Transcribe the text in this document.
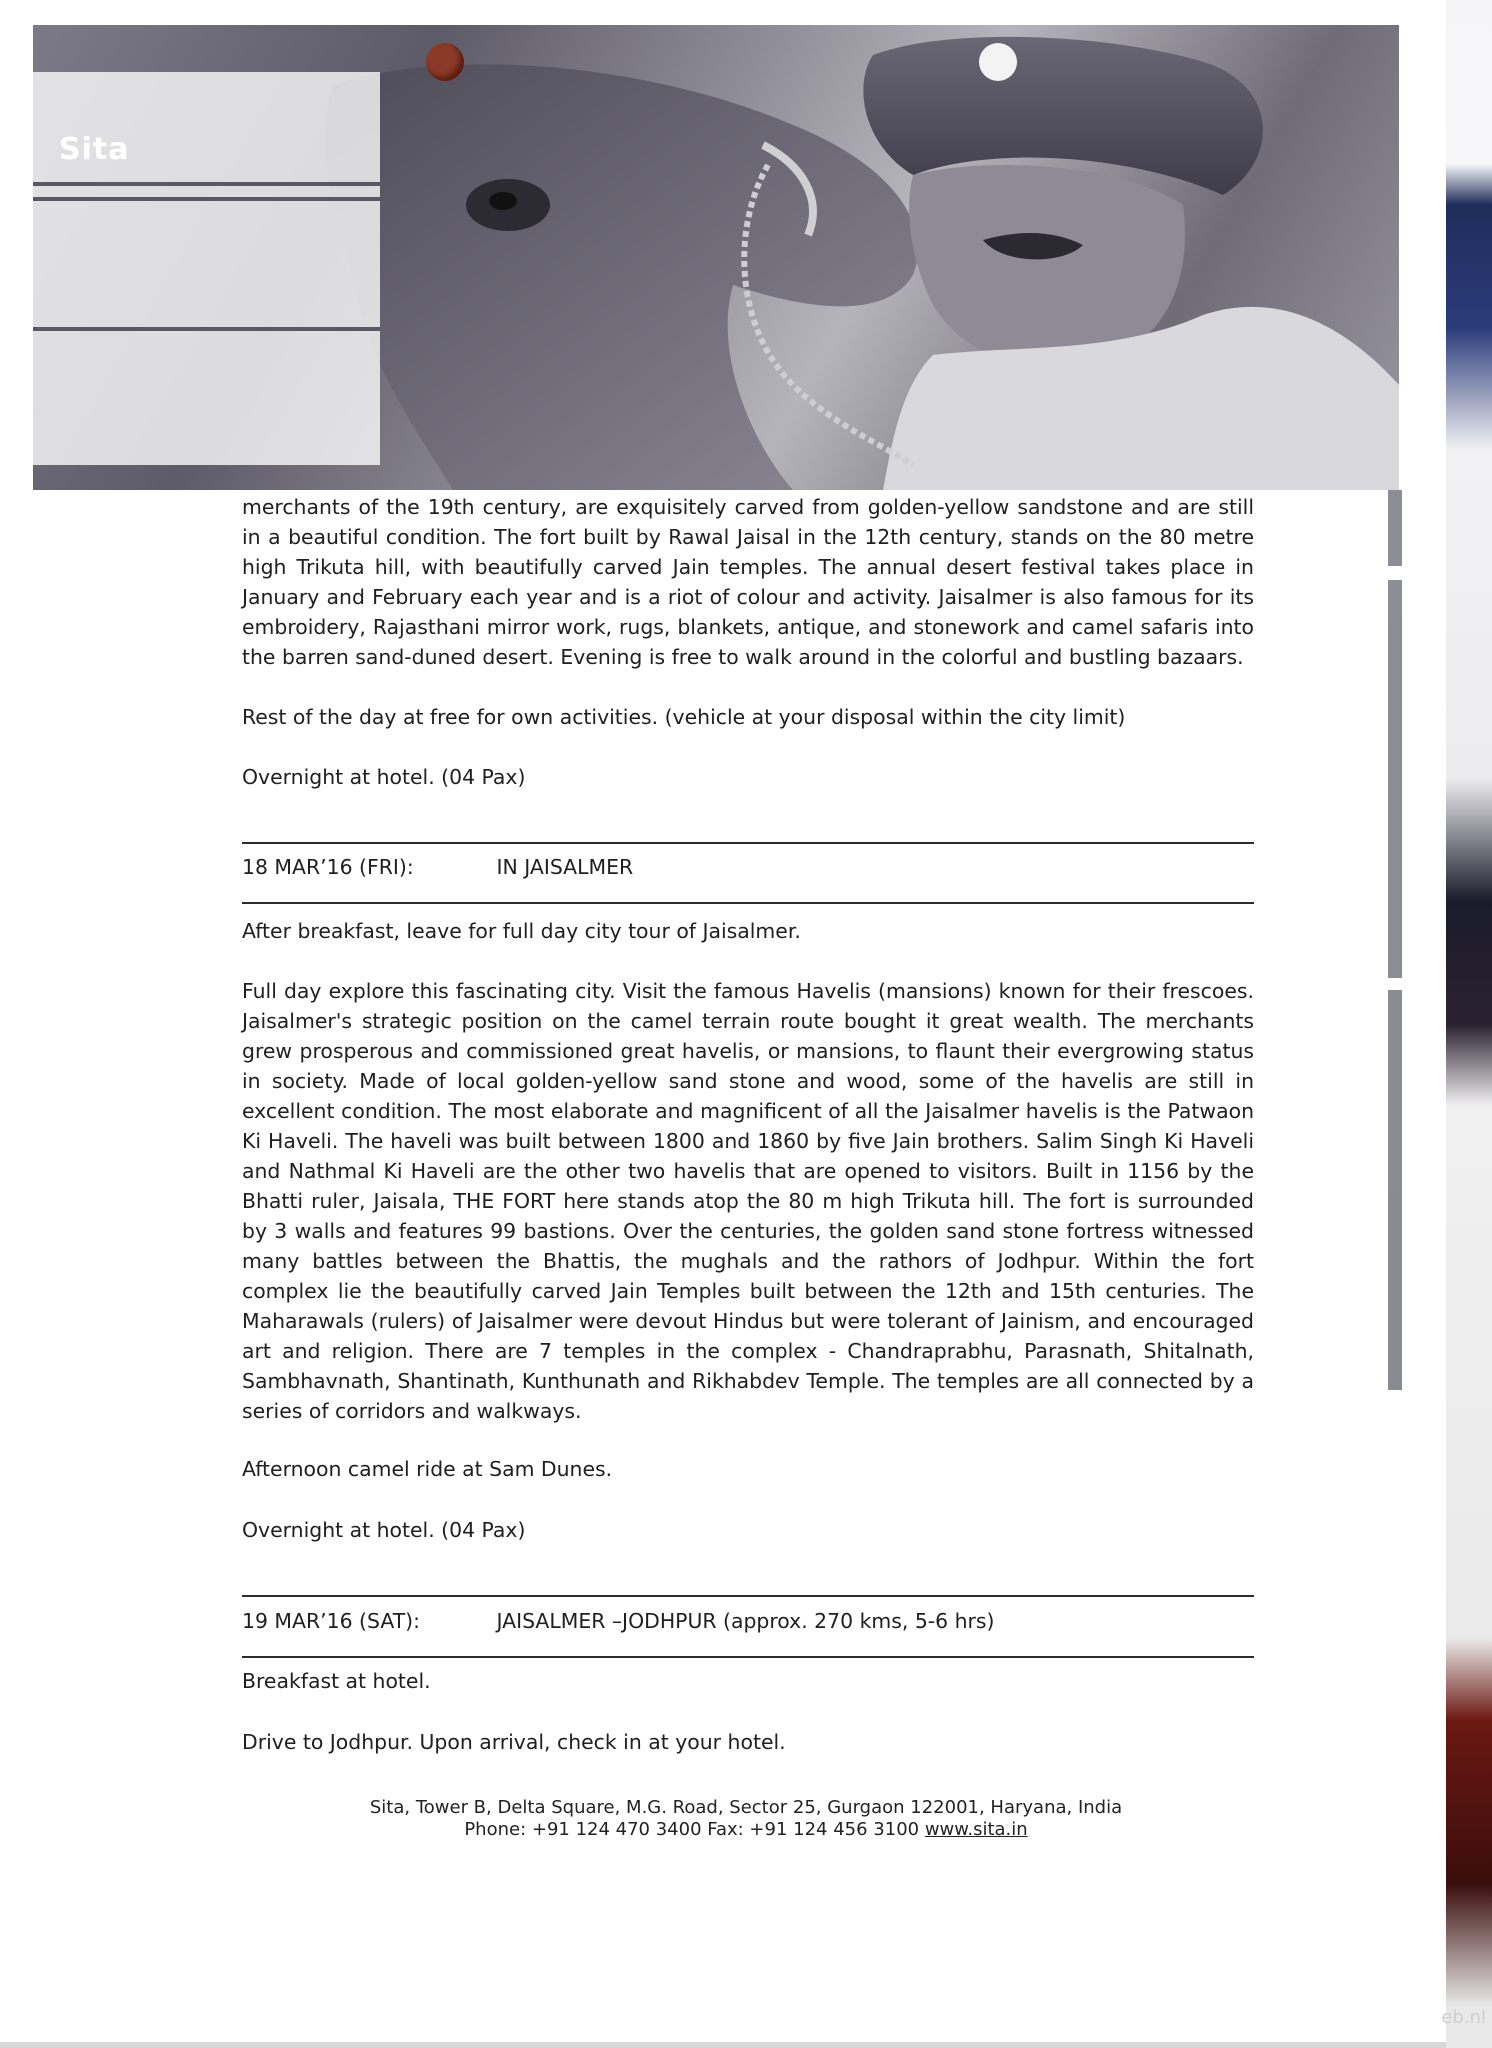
Sita

merchants of the 19th century, are exquisitely carved from golden-yellow sandstone and are still in a beautiful condition. The fort built by Rawal Jaisal in the 12th century, stands on the 80 metre high Trikuta hill, with beautifully carved Jain temples. The annual desert festival takes place in January and February each year and is a riot of colour and activity. Jaisalmer is also famous for its embroidery, Rajasthani mirror work, rugs, blankets, antique, and stonework and camel safaris into the barren sand-duned desert. Evening is free to walk around in the colorful and bustling bazaars.

Rest of the day at free for own activities. (vehicle at your disposal within the city limit)

Overnight at hotel. (04 Pax)

18 MAR’16 (FRI):	IN JAISALMER

After breakfast, leave for full day city tour of Jaisalmer.

Full day explore this fascinating city. Visit the famous Havelis (mansions) known for their frescoes. Jaisalmer's strategic position on the camel terrain route bought it great wealth. The merchants grew prosperous and commissioned great havelis, or mansions, to flaunt their evergrowing status in society. Made of local golden-yellow sand stone and wood, some of the havelis are still in excellent condition. The most elaborate and magnificent of all the Jaisalmer havelis is the Patwaon Ki Haveli. The haveli was built between 1800 and 1860 by five Jain brothers. Salim Singh Ki Haveli and Nathmal Ki Haveli are the other two havelis that are opened to visitors. Built in 1156 by the Bhatti ruler, Jaisala, THE FORT here stands atop the 80 m high Trikuta hill. The fort is surrounded by 3 walls and features 99 bastions. Over the centuries, the golden sand stone fortress witnessed many battles between the Bhattis, the mughals and the rathors of Jodhpur. Within the fort complex lie the beautifully carved Jain Temples built between the 12th and 15th centuries. The Maharawals (rulers) of Jaisalmer were devout Hindus but were tolerant of Jainism, and encouraged art and religion. There are 7 temples in the complex - Chandraprabhu, Parasnath, Shitalnath, Sambhavnath, Shantinath, Kunthunath and Rikhabdev Temple. The temples are all connected by a series of corridors and walkways.

Afternoon camel ride at Sam Dunes.

Overnight at hotel. (04 Pax)

19 MAR’16 (SAT):	JAISALMER –JODHPUR (approx. 270 kms, 5-6 hrs)

Breakfast at hotel.

Drive to Jodhpur. Upon arrival, check in at your hotel.

Sita, Tower B, Delta Square, M.G. Road, Sector 25, Gurgaon 122001, Haryana, India
Phone: +91 124 470 3400 Fax: +91 124 456 3100 www.sita.in
eb.nl
